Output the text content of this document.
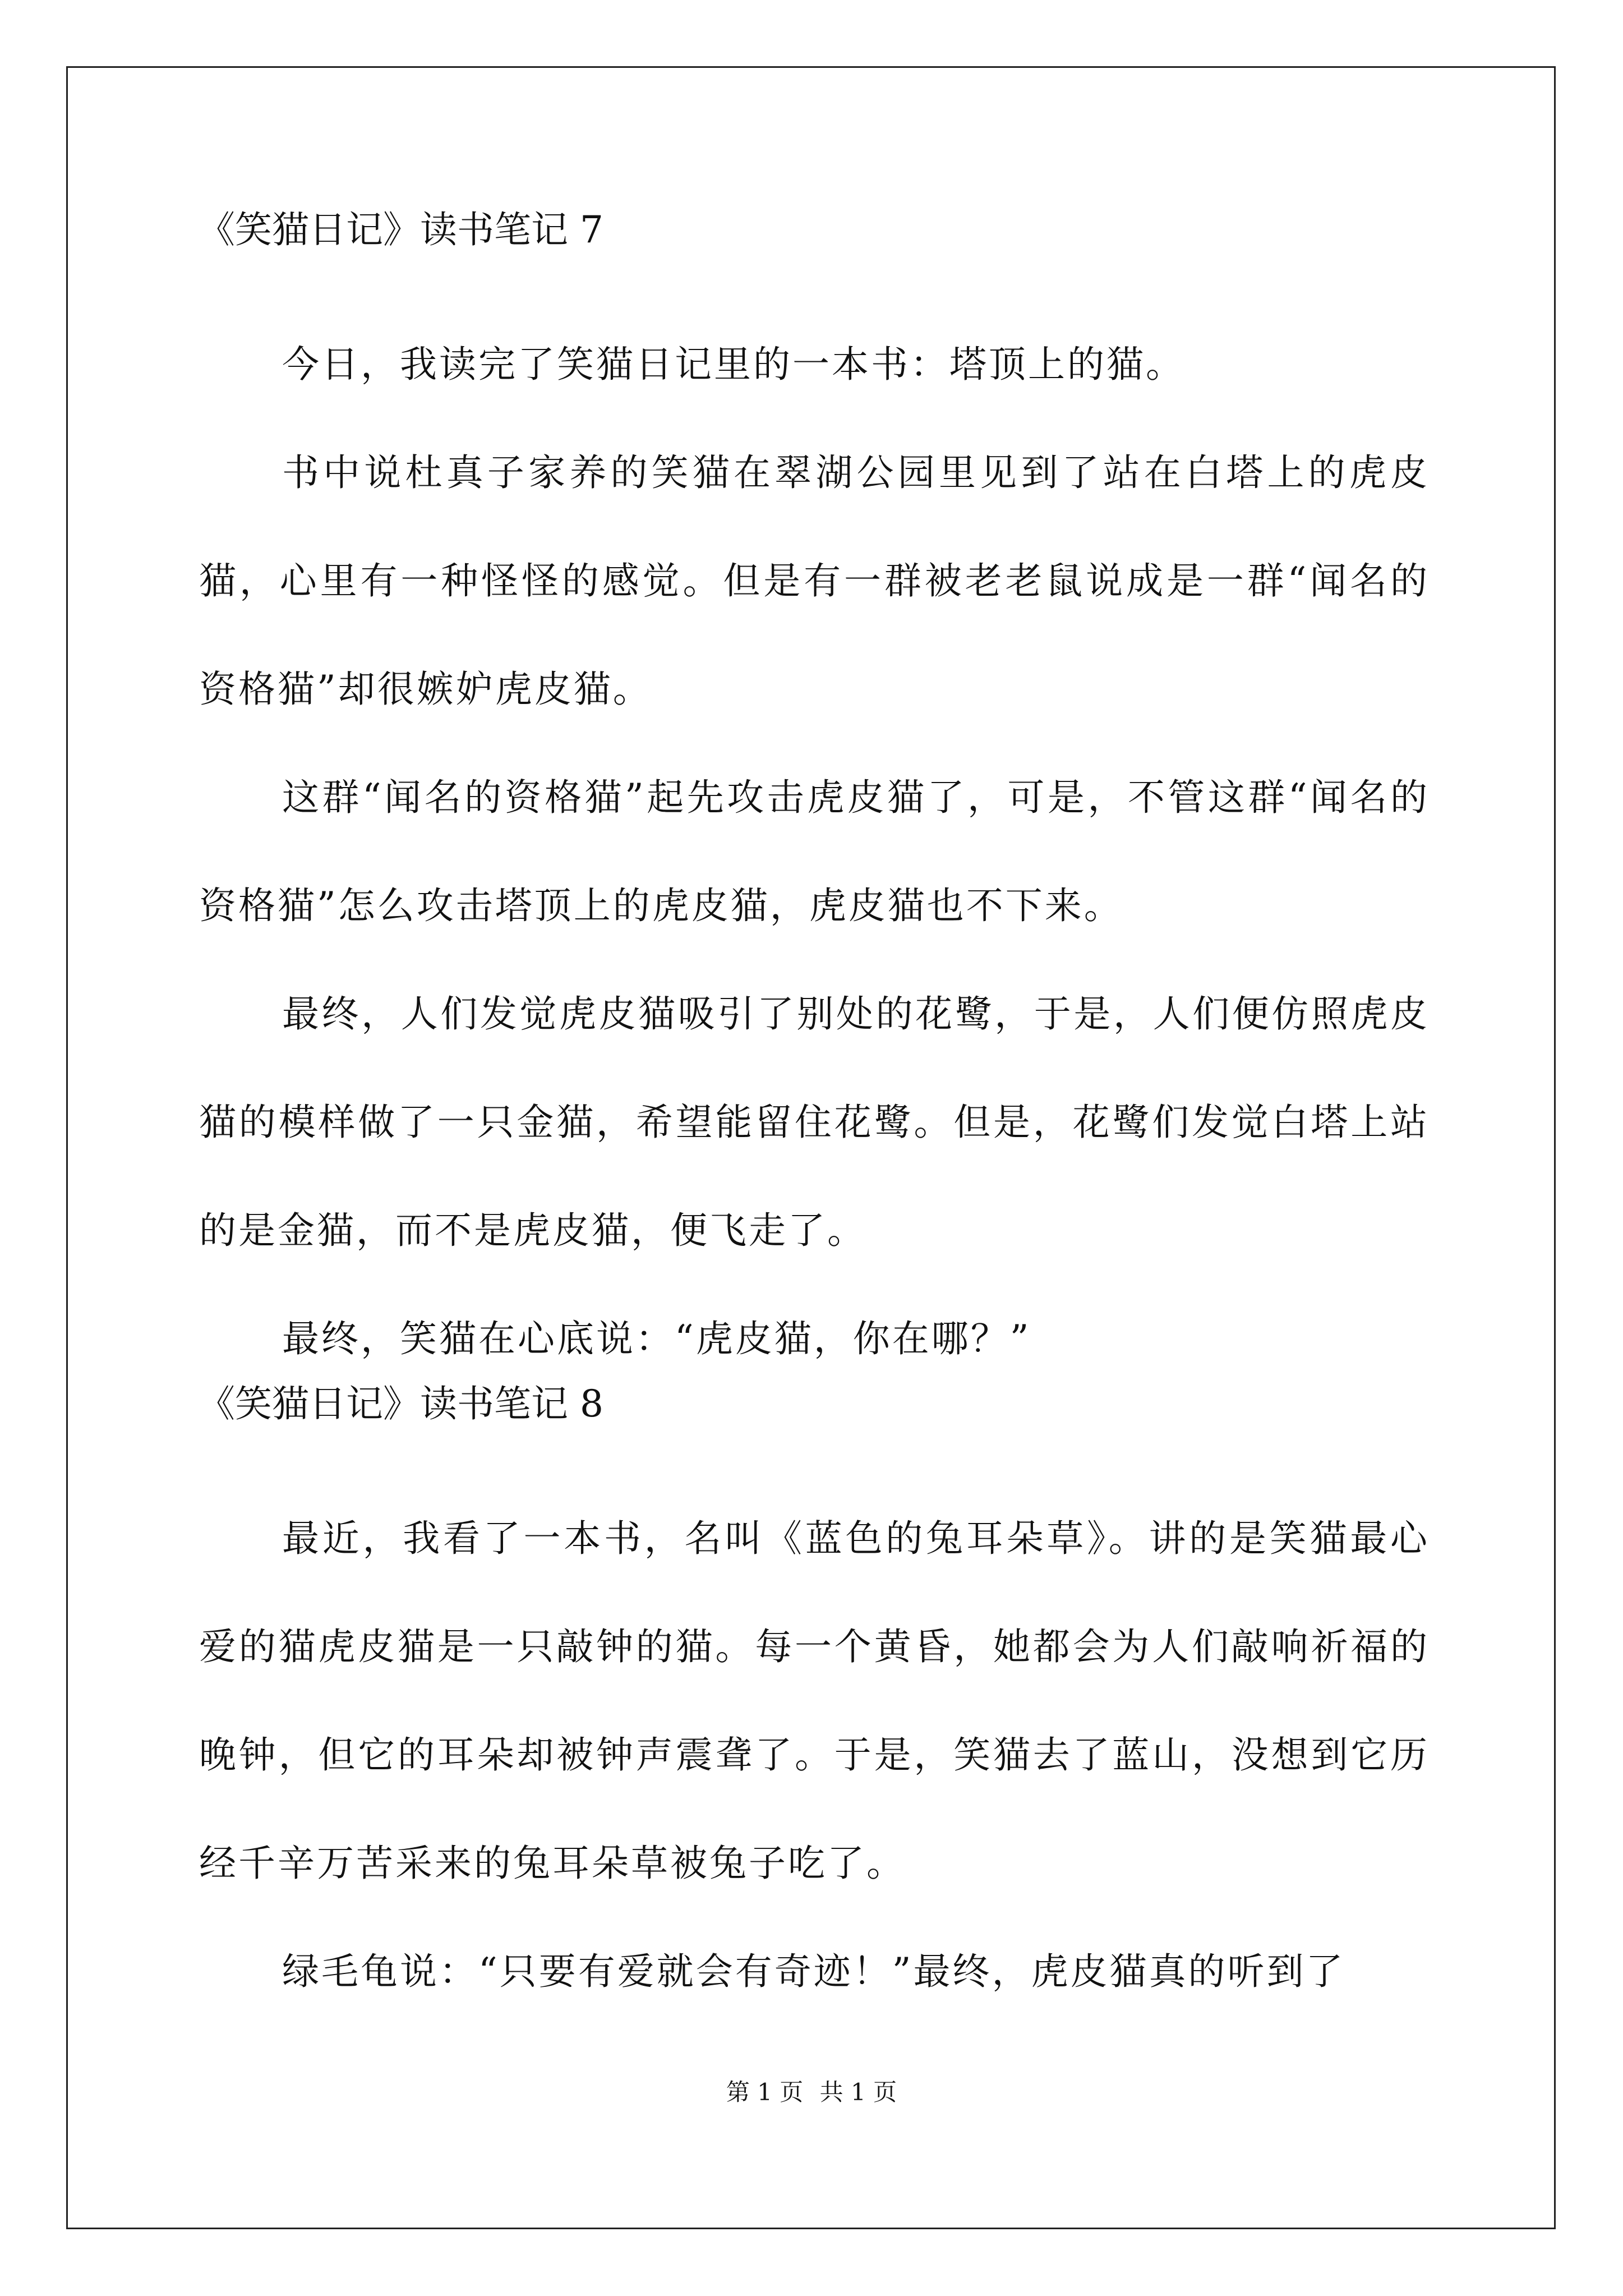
《笑猫日记》读书笔记 7

今日，我读完了笑猫日记里的一本书：塔顶上的猫。

书中说杜真子家养的笑猫在翠湖公园里见到了站在白塔上的虎皮猫，心里有一种怪怪的感觉。但是有一群被老老鼠说成是一群“闻名的资格猫”却很嫉妒虎皮猫。

这群“闻名的资格猫”起先攻击虎皮猫了，可是，不管这群“闻名的资格猫”怎么攻击塔顶上的虎皮猫，虎皮猫也不下来。

最终，人们发觉虎皮猫吸引了别处的花鹭，于是，人们便仿照虎皮猫的模样做了一只金猫，希望能留住花鹭。但是，花鹭们发觉白塔上站的是金猫，而不是虎皮猫，便飞走了。

最终，笑猫在心底说：“虎皮猫，你在哪？”

《笑猫日记》读书笔记 8

最近，我看了一本书，名叫《蓝色的兔耳朵草》。讲的是笑猫最心爱的猫虎皮猫是一只敲钟的猫。每一个黄昏，她都会为人们敲响祈福的晚钟，但它的耳朵却被钟声震聋了。于是，笑猫去了蓝山，没想到它历经千辛万苦采来的兔耳朵草被兔子吃了。

绿毛龟说：“只要有爱就会有奇迹！”最终，虎皮猫真的听到了

第 1 页 共 1 页
